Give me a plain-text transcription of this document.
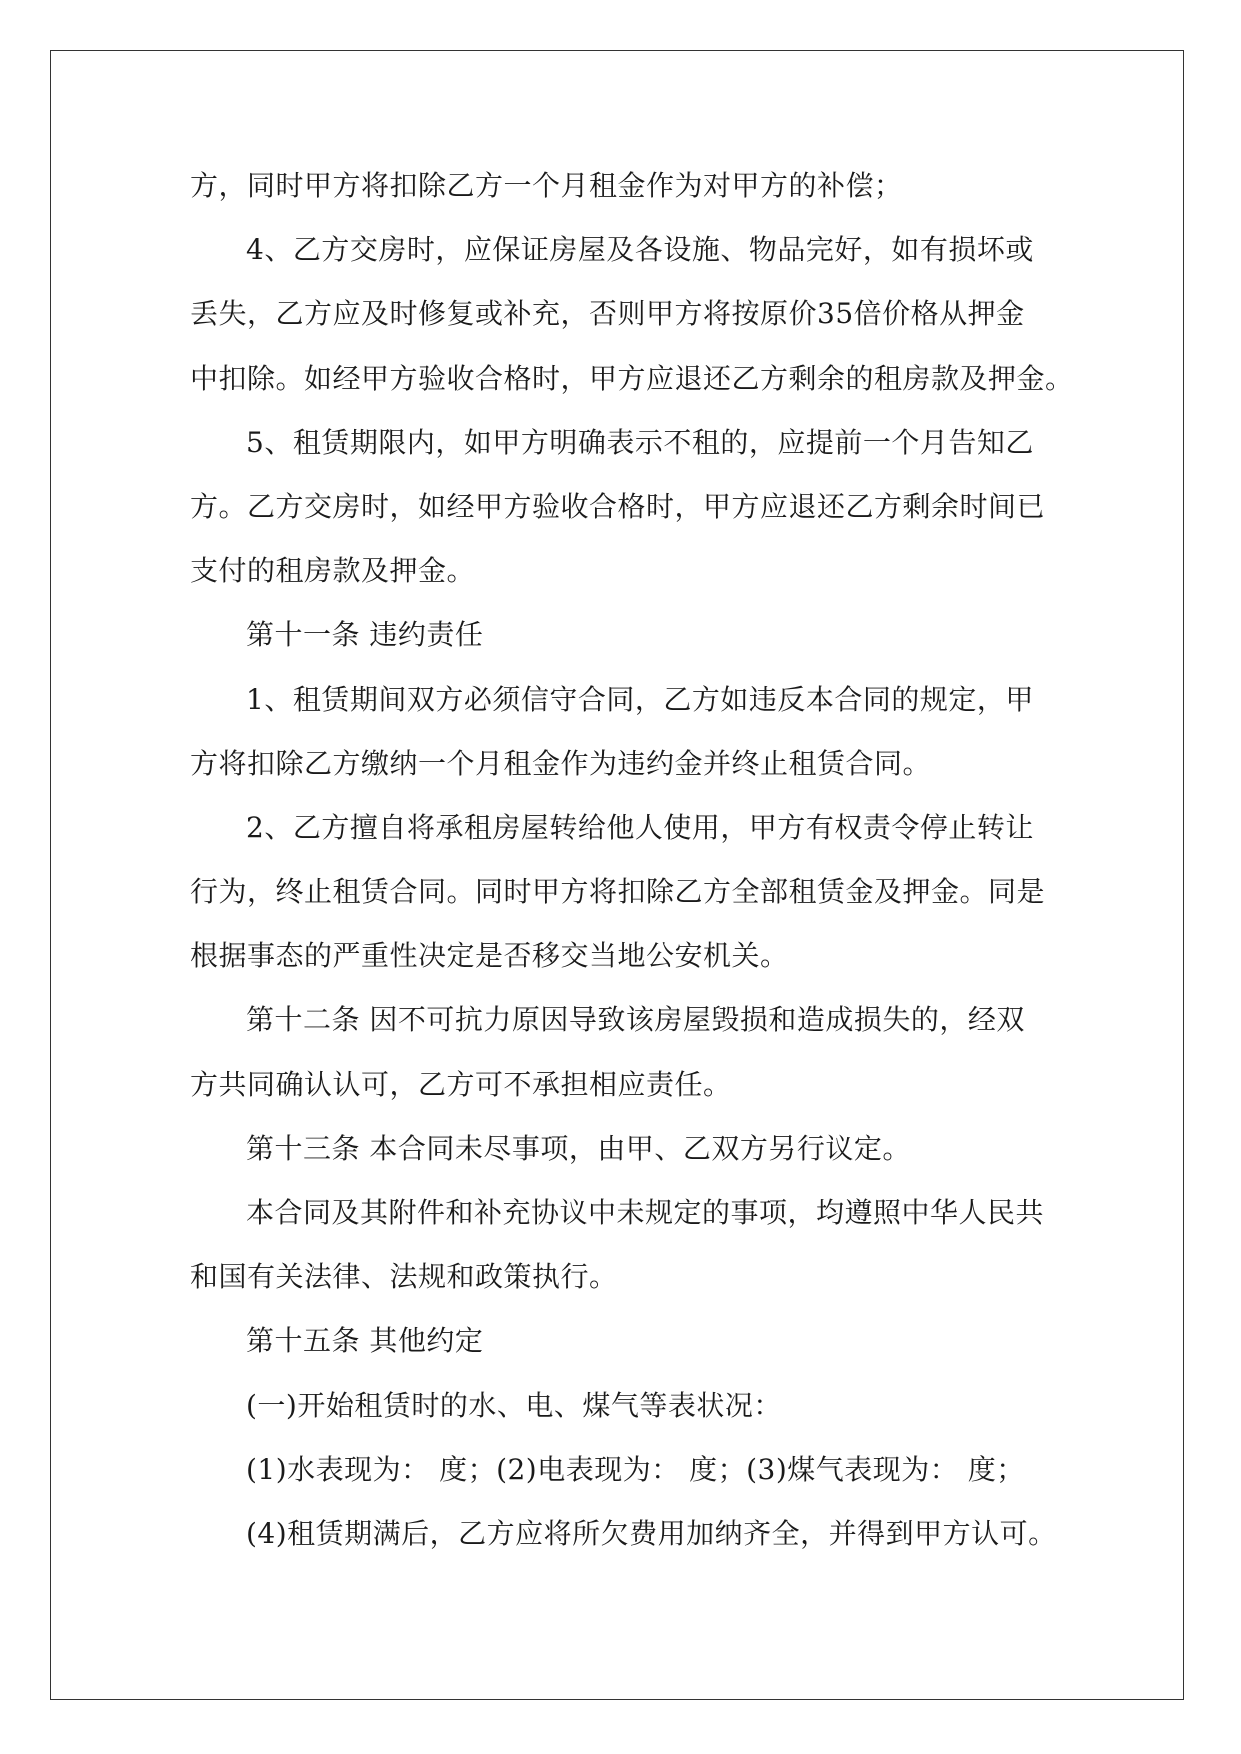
方，同时甲方将扣除乙方一个月租金作为对甲方的补偿；
4、乙方交房时，应保证房屋及各设施、物品完好，如有损坏或
丢失，乙方应及时修复或补充，否则甲方将按原价35倍价格从押金
中扣除。如经甲方验收合格时，甲方应退还乙方剩余的租房款及押金。
5、租赁期限内，如甲方明确表示不租的，应提前一个月告知乙
方。乙方交房时，如经甲方验收合格时，甲方应退还乙方剩余时间已
支付的租房款及押金。
第十一条 违约责任
1、租赁期间双方必须信守合同，乙方如违反本合同的规定，甲
方将扣除乙方缴纳一个月租金作为违约金并终止租赁合同。
2、乙方擅自将承租房屋转给他人使用，甲方有权责令停止转让
行为，终止租赁合同。同时甲方将扣除乙方全部租赁金及押金。同是
根据事态的严重性决定是否移交当地公安机关。
第十二条 因不可抗力原因导致该房屋毁损和造成损失的，经双
方共同确认认可，乙方可不承担相应责任。
第十三条 本合同未尽事项，由甲、乙双方另行议定。
本合同及其附件和补充协议中未规定的事项，均遵照中华人民共
和国有关法律、法规和政策执行。
第十五条 其他约定
(一)开始租赁时的水、电、煤气等表状况：
(1)水表现为： 度；(2)电表现为： 度；(3)煤气表现为： 度；
(4)租赁期满后，乙方应将所欠费用加纳齐全，并得到甲方认可。
